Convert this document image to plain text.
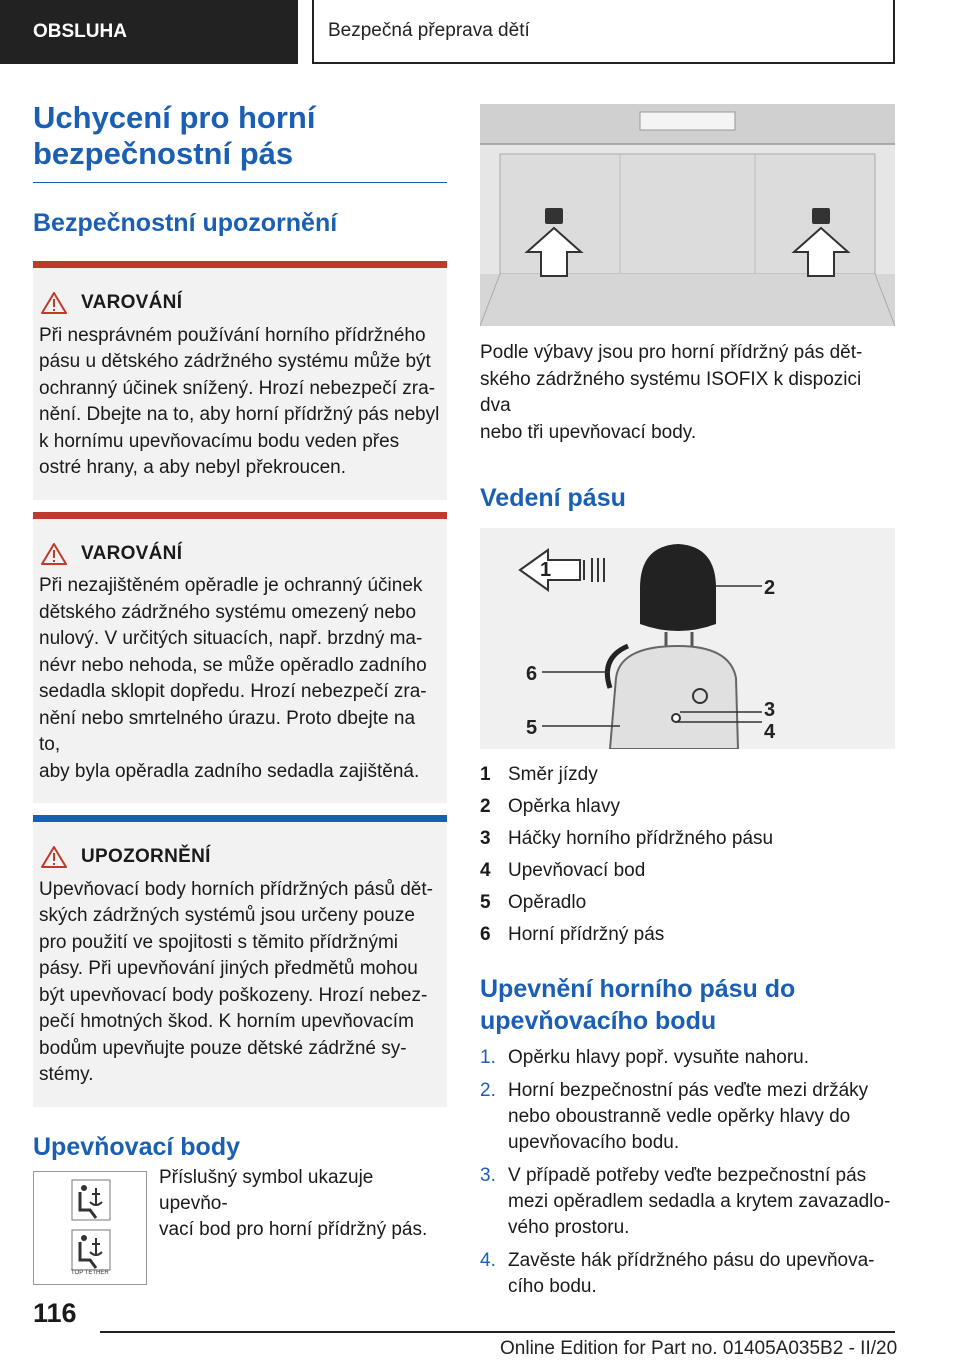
OBSLUHA	Bezpečná přeprava dětí
Uchycení pro horní
bezpečnostní pás
Bezpečnostní upozornění
VAROVÁNÍ
Při nesprávném používání horního přídržného
pásu u dětského zádržného systému může být
ochranný účinek snížený. Hrozí nebezpečí zra-
nění. Dbejte na to, aby horní přídržný pás nebyl
k hornímu upevňovacímu bodu veden přes
ostré hrany, a aby nebyl překroucen.
VAROVÁNÍ
Při nezajištěném opěradle je ochranný účinek
dětského zádržného systému omezený nebo
nulový. V určitých situacích, např. brzdný ma-
névr nebo nehoda, se může opěradlo zadního
sedadla sklopit dopředu. Hrozí nebezpečí zra-
nění nebo smrtelného úrazu. Proto dbejte na to,
aby byla opěradla zadního sedadla zajištěná.
UPOZORNĚNÍ
Upevňovací body horních přídržných pásů dět-
ských zádržných systémů jsou určeny pouze
pro použití ve spojitosti s těmito přídržnými
pásy. Při upevňování jiných předmětů mohou
být upevňovací body poškozeny. Hrozí nebez-
pečí hmotných škod. K horním upevňovacím
bodům upevňujte pouze dětské zádržné sy-
stémy.
Upevňovací body
TOP TETHER
Příslušný symbol ukazuje upevňo-
vací bod pro horní přídržný pás.
Podle výbavy jsou pro horní přídržný pás dět-
ského zádržného systému ISOFIX k dispozici dva
nebo tři upevňovací body.
Vedení pásu
1
2
3
4
5
6
1 Směr jízdy
2 Opěrka hlavy
3 Háčky horního přídržného pásu
4 Upevňovací bod
5 Opěradlo
6 Horní přídržný pás
Upevnění horního pásu do
upevňovacího bodu
1. Opěrku hlavy popř. vysuňte nahoru.
2. Horní bezpečnostní pás veďte mezi držáky
nebo oboustranně vedle opěrky hlavy do
upevňovacího bodu.
3. V případě potřeby veďte bezpečnostní pás
mezi opěradlem sedadla a krytem zavazadlo-
vého prostoru.
4. Zavěste hák přídržného pásu do upevňova-
cího bodu.
116
Online Edition for Part no. 01405A035B2 - II/20
